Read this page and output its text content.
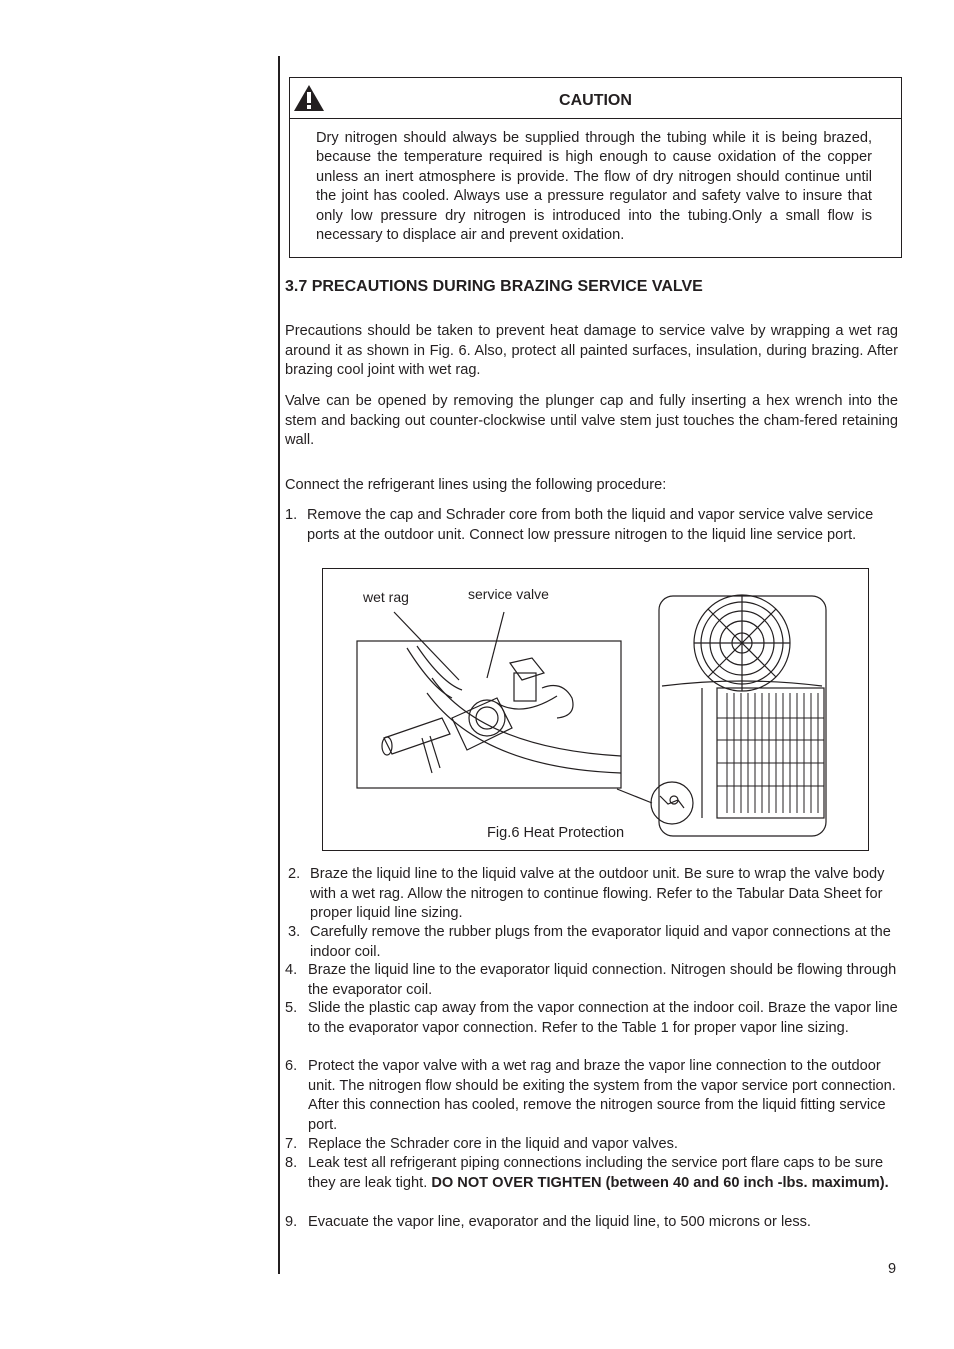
CAUTION
Dry nitrogen should always be supplied through the tubing while it is being brazed, because the temperature required is high enough to cause oxidation of the copper unless an inert atmosphere is provide. The flow of dry nitrogen should continue until the joint has cooled. Always use a pressure regulator and safety valve to insure that only low pressure dry nitrogen is introduced into the tubing.Only a small flow is necessary to displace air and prevent oxidation.
3.7 PRECAUTIONS DURING BRAZING SERVICE VALVE
Precautions should be taken to prevent heat damage to service valve by wrapping a wet rag around it as shown in Fig. 6. Also, protect all painted surfaces, insulation, during brazing. After brazing cool joint with wet rag.
Valve can be opened by removing the plunger cap and fully inserting a hex wrench into the stem and backing out counter-clockwise until valve stem just touches the cham-fered retaining wall.
Connect the refrigerant lines using the following procedure:
1. Remove the cap and Schrader core from both the liquid and vapor service valve service ports at the outdoor unit. Connect low pressure nitrogen to the liquid line service port.
wet rag	service valve
Fig.6 Heat Protection
2. Braze the liquid line to the liquid valve at the outdoor unit. Be sure to wrap the valve body with a wet rag. Allow the nitrogen to continue flowing. Refer to the Tabular Data Sheet for proper liquid line sizing.
3. Carefully remove the rubber plugs from the evaporator liquid and vapor connections at the indoor coil.
4. Braze the liquid line to the evaporator liquid connection. Nitrogen should be flowing through the evaporator coil.
5. Slide the plastic cap away from the vapor connection at the indoor coil. Braze the vapor line to the evaporator vapor connection. Refer to the Table 1 for proper vapor line sizing.
6. Protect the vapor valve with a wet rag and braze the vapor line connection to the outdoor unit. The nitrogen flow should be exiting the system from the vapor service port connection. After this connection has cooled, remove the nitrogen source from the liquid fitting service port.
7. Replace the Schrader core in the liquid and vapor valves.
8. Leak test all refrigerant piping connections including the service port flare caps to be sure they are leak tight. DO NOT OVER TIGHTEN (between 40 and 60 inch -lbs. maximum).
9. Evacuate the vapor line, evaporator and the liquid line, to 500 microns or less.
9
